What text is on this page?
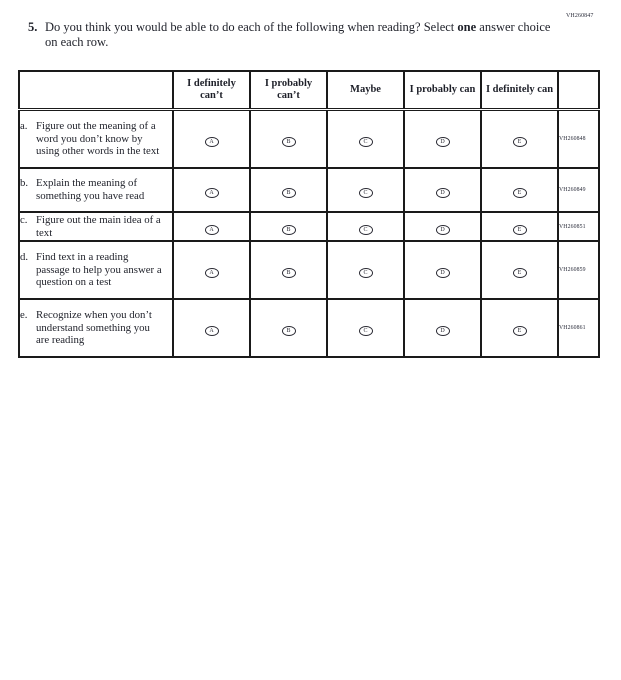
5. Do you think you would be able to do each of the following when reading? Select one answer choice on each row.
VH260847
	I definitely can’t	I probably can’t	Maybe	I probably can	I definitely can	

a. Figure out the meaning of a word you don’t know by using other words in the text	A	B	C	D	E	VH260848

b. Explain the meaning of something you have read	A	B	C	D	E	VH260849

c. Figure out the main idea of a text	A	B	C	D	E	VH260851

d. Find text in a reading passage to help you answer a question on a test	A	B	C	D	E	VH260859

e. Recognize when you don’t understand something you are reading	A	B	C	D	E	VH260861
